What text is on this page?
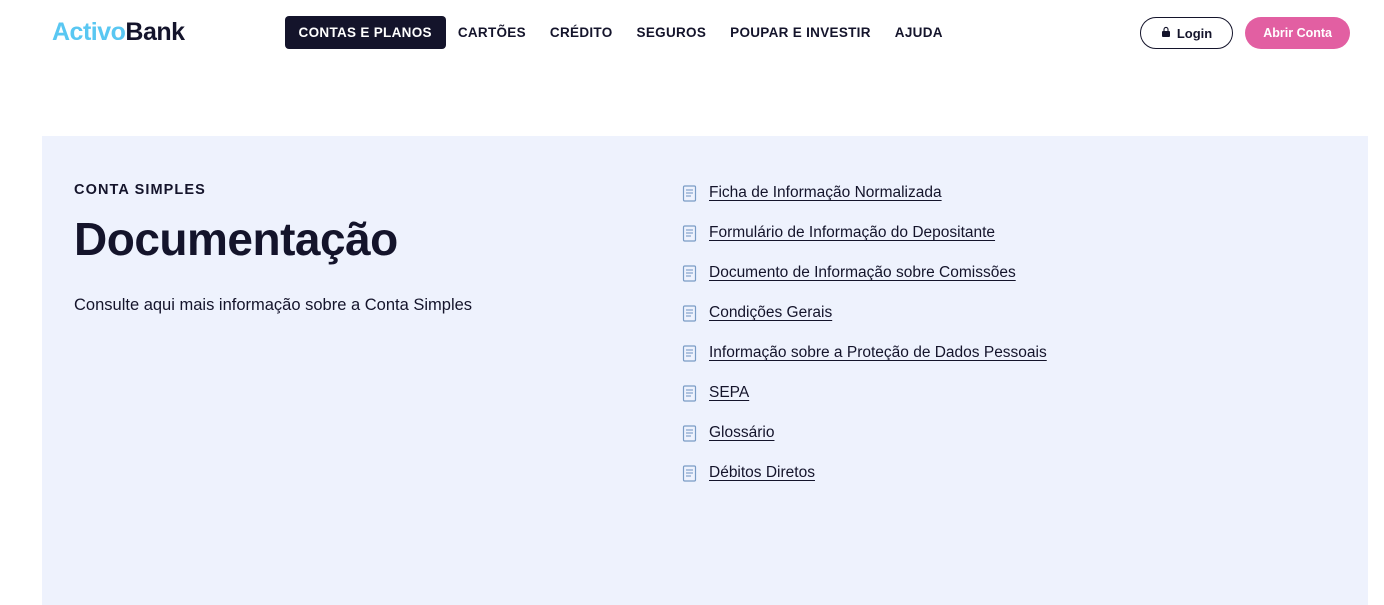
ActivoBank	CONTAS E PLANOS	CARTÕES	CRÉDITO	SEGUROS	POUPAR E INVESTIR	AJUDA	Login	Abrir Conta

CONTA SIMPLES

Documentação

Consulte aqui mais informação sobre a Conta Simples

Ficha de Informação Normalizada
Formulário de Informação do Depositante
Documento de Informação sobre Comissões
Condições Gerais
Informação sobre a Proteção de Dados Pessoais
SEPA
Glossário
Débitos Diretos
